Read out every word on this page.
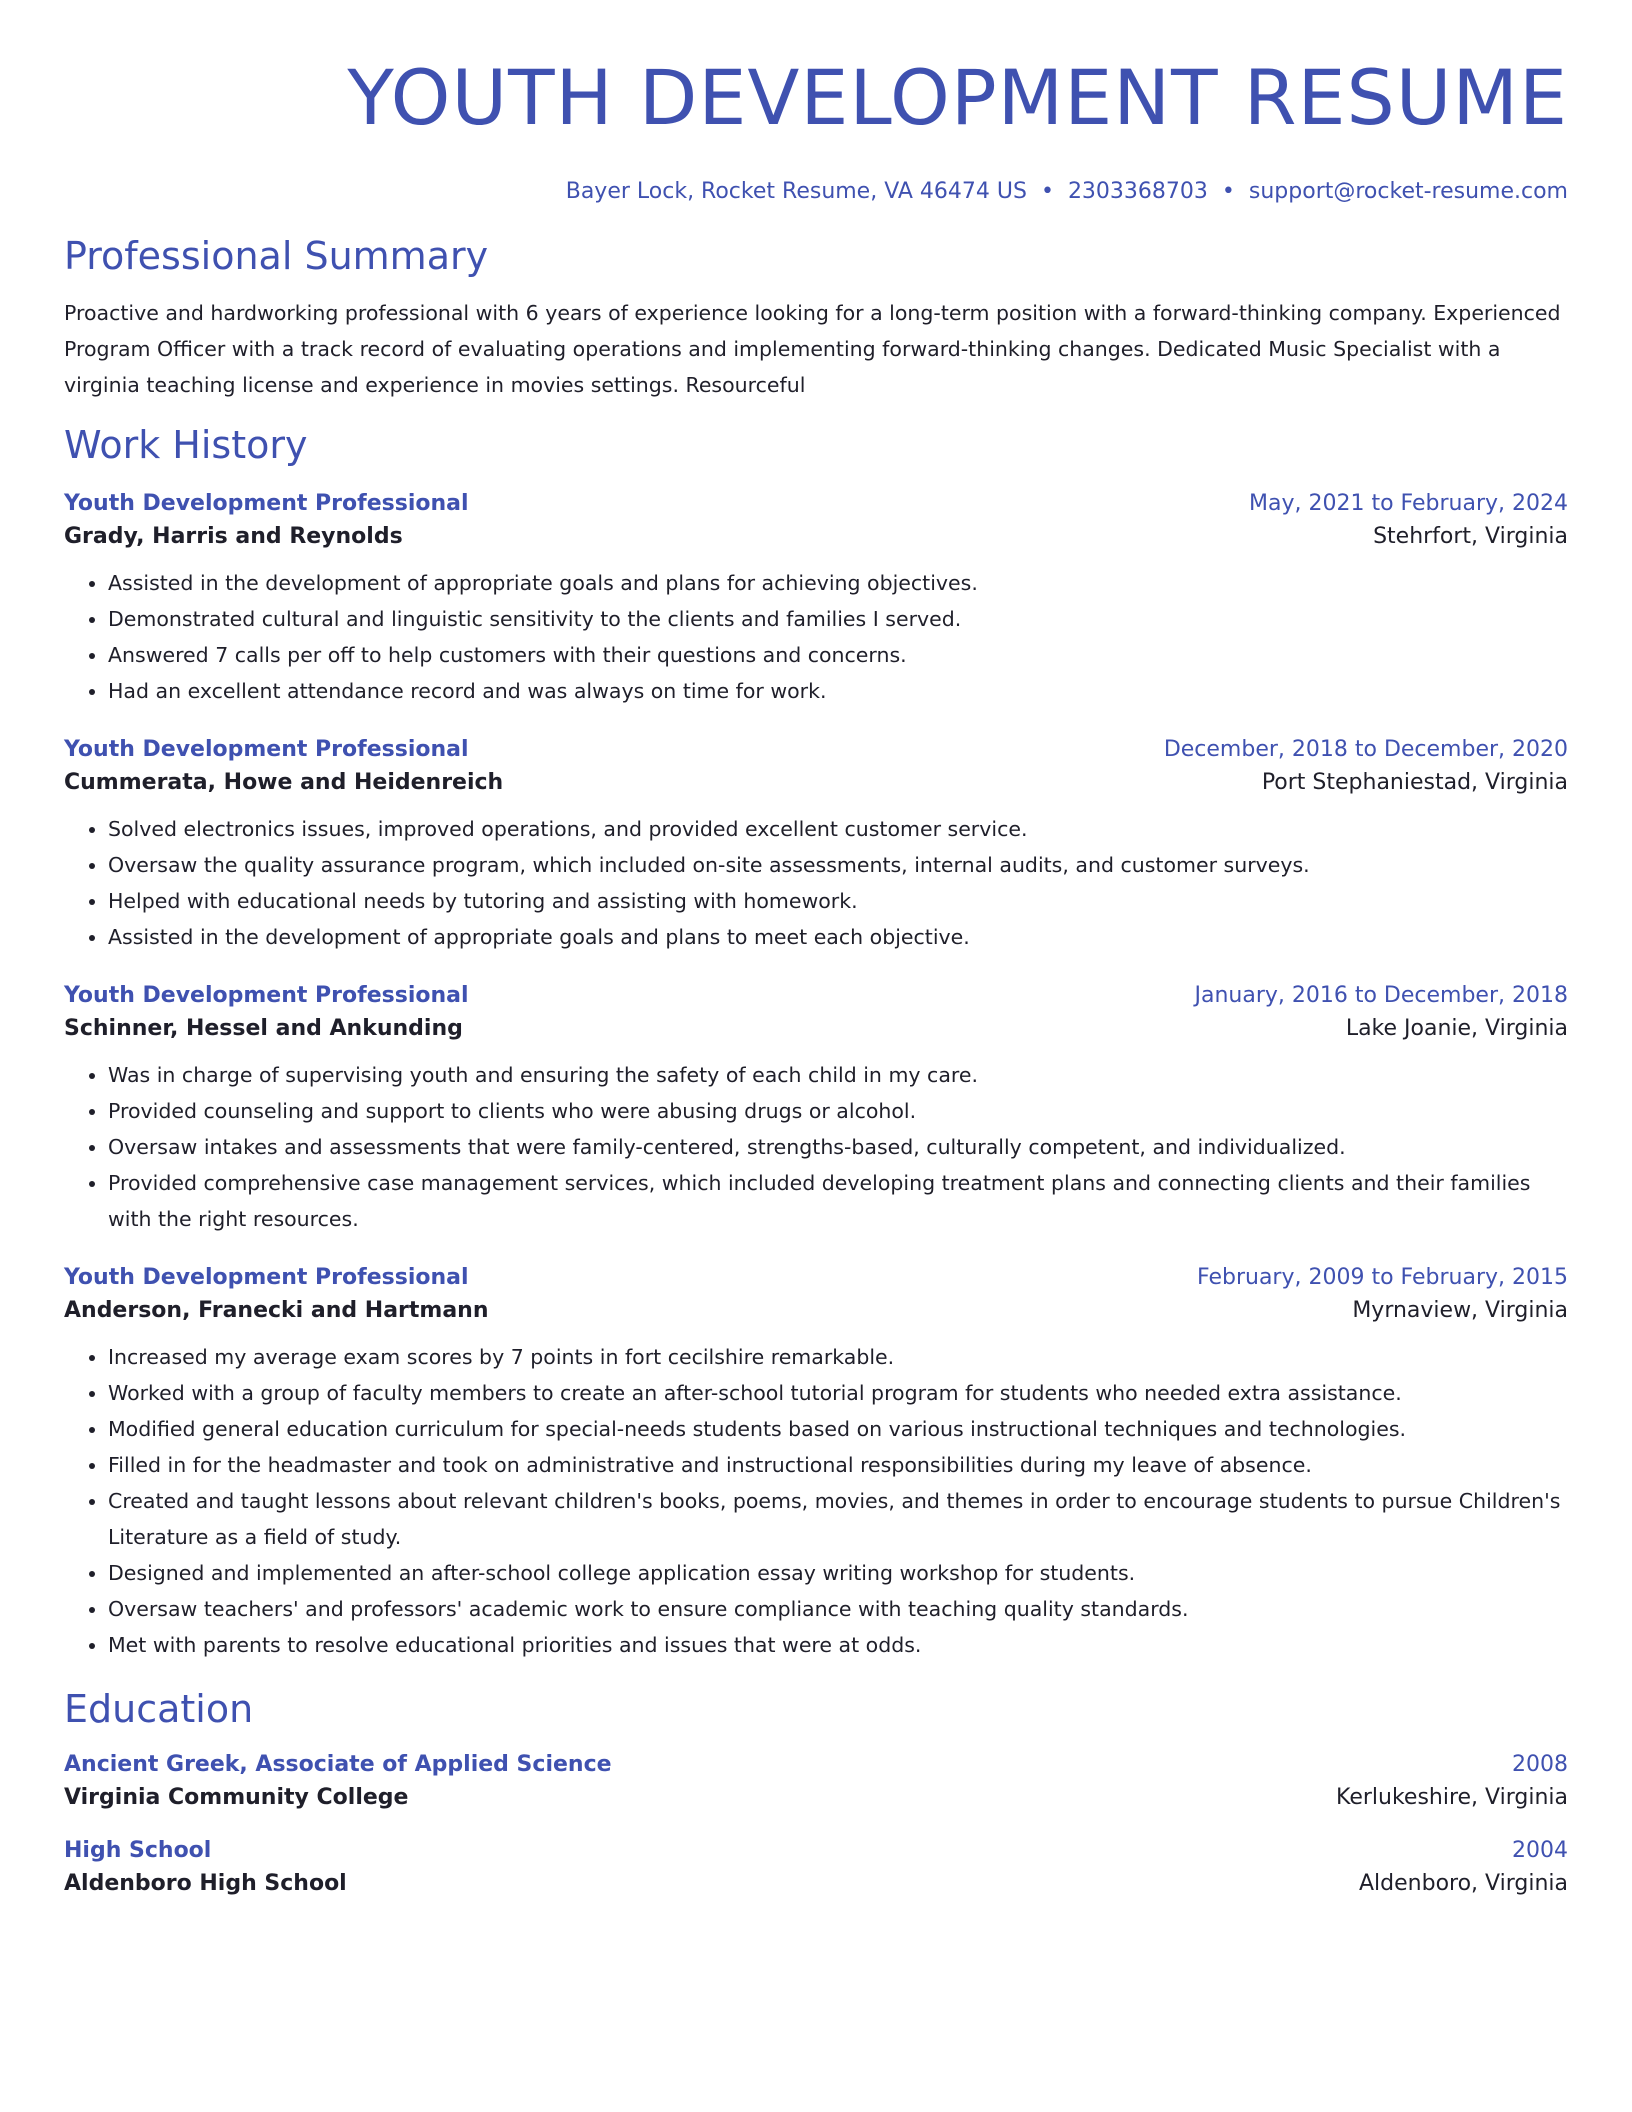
YOUTH DEVELOPMENT RESUME
Bayer Lock, Rocket Resume, VA 46474 US • 2303368703 • support@rocket-resume.com
Professional Summary

Proactive and hardworking professional with 6 years of experience looking for a long-term position with a forward-thinking company. Experienced Program Officer with a track record of evaluating operations and implementing forward-thinking changes. Dedicated Music Specialist with a virginia teaching license and experience in movies settings. Resourceful

Work History
Youth Development Professional	May, 2021 to February, 2024
Grady, Harris and Reynolds	Stehrfort, Virginia
• Assisted in the development of appropriate goals and plans for achieving objectives.
• Demonstrated cultural and linguistic sensitivity to the clients and families I served.
• Answered 7 calls per off to help customers with their questions and concerns.
• Had an excellent attendance record and was always on time for work.
Youth Development Professional	December, 2018 to December, 2020
Cummerata, Howe and Heidenreich	Port Stephaniestad, Virginia
• Solved electronics issues, improved operations, and provided excellent customer service.
• Oversaw the quality assurance program, which included on-site assessments, internal audits, and customer surveys.
• Helped with educational needs by tutoring and assisting with homework.
• Assisted in the development of appropriate goals and plans to meet each objective.
Youth Development Professional	January, 2016 to December, 2018
Schinner, Hessel and Ankunding	Lake Joanie, Virginia
• Was in charge of supervising youth and ensuring the safety of each child in my care.
• Provided counseling and support to clients who were abusing drugs or alcohol.
• Oversaw intakes and assessments that were family-centered, strengths-based, culturally competent, and individualized.
• Provided comprehensive case management services, which included developing treatment plans and connecting clients and their families with the right resources.
Youth Development Professional	February, 2009 to February, 2015
Anderson, Franecki and Hartmann	Myrnaview, Virginia
• Increased my average exam scores by 7 points in fort cecilshire remarkable.
• Worked with a group of faculty members to create an after-school tutorial program for students who needed extra assistance.
• Modified general education curriculum for special-needs students based on various instructional techniques and technologies.
• Filled in for the headmaster and took on administrative and instructional responsibilities during my leave of absence.
• Created and taught lessons about relevant children's books, poems, movies, and themes in order to encourage students to pursue Children's Literature as a field of study.
• Designed and implemented an after-school college application essay writing workshop for students.
• Oversaw teachers' and professors' academic work to ensure compliance with teaching quality standards.
• Met with parents to resolve educational priorities and issues that were at odds.
Education
Ancient Greek, Associate of Applied Science	2008
Virginia Community College	Kerlukeshire, Virginia
High School	2004
Aldenboro High School	Aldenboro, Virginia
